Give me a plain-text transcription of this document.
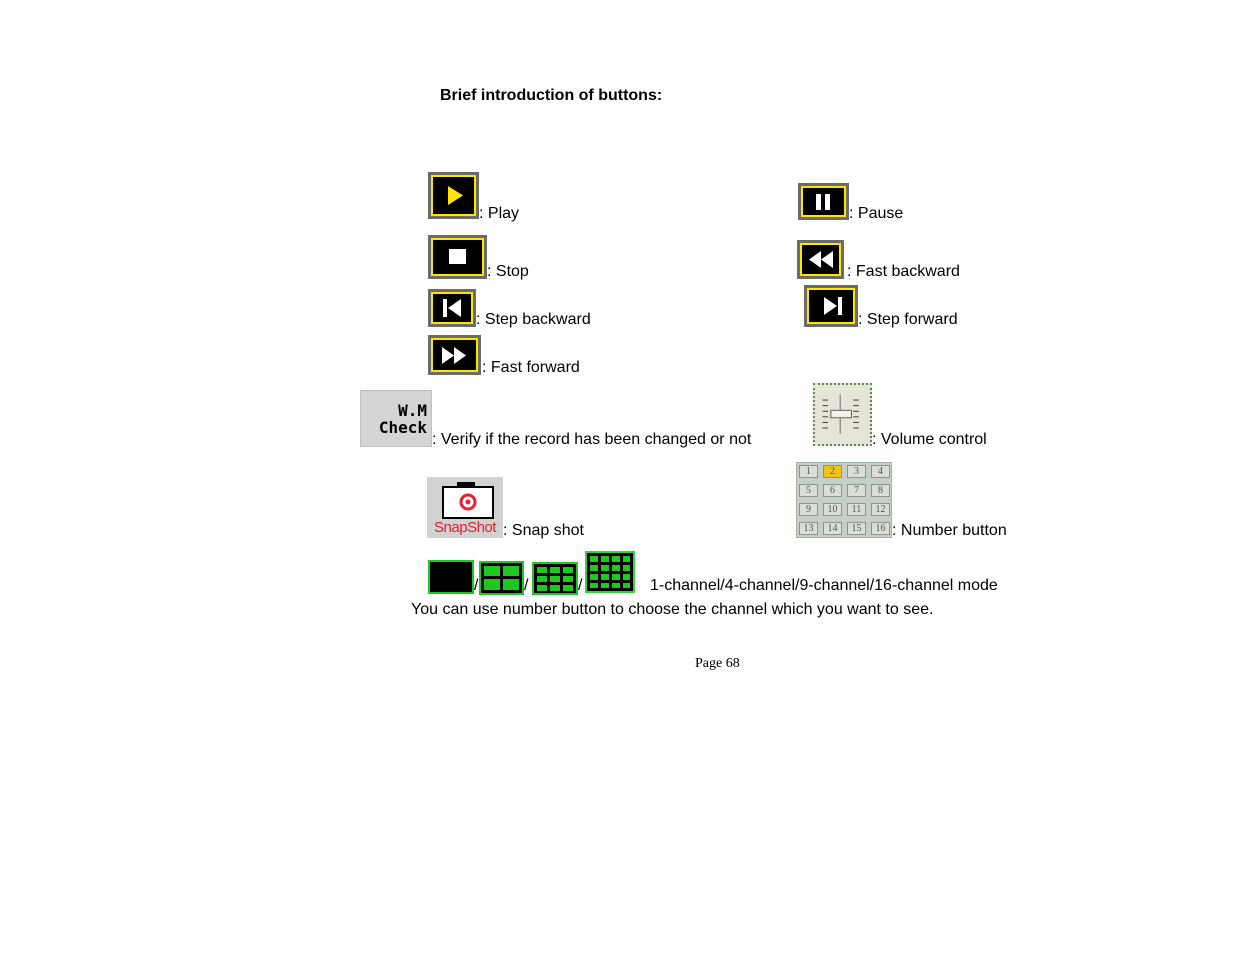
Brief introduction of buttons:
: Play	: Pause
: Stop	: Fast backward
: Step backward	: Step forward
: Fast forward
W.M
Check
: Verify if the record has been changed or not	: Volume control
SnapShot : Snap shot
1	2	3	4
5	6	7	8
9	10	11	12
13	14	15	16 : Number button
/	/	/	1-channel/4-channel/9-channel/16-channel mode
You can use number button to choose the channel which you want to see.
Page 68
